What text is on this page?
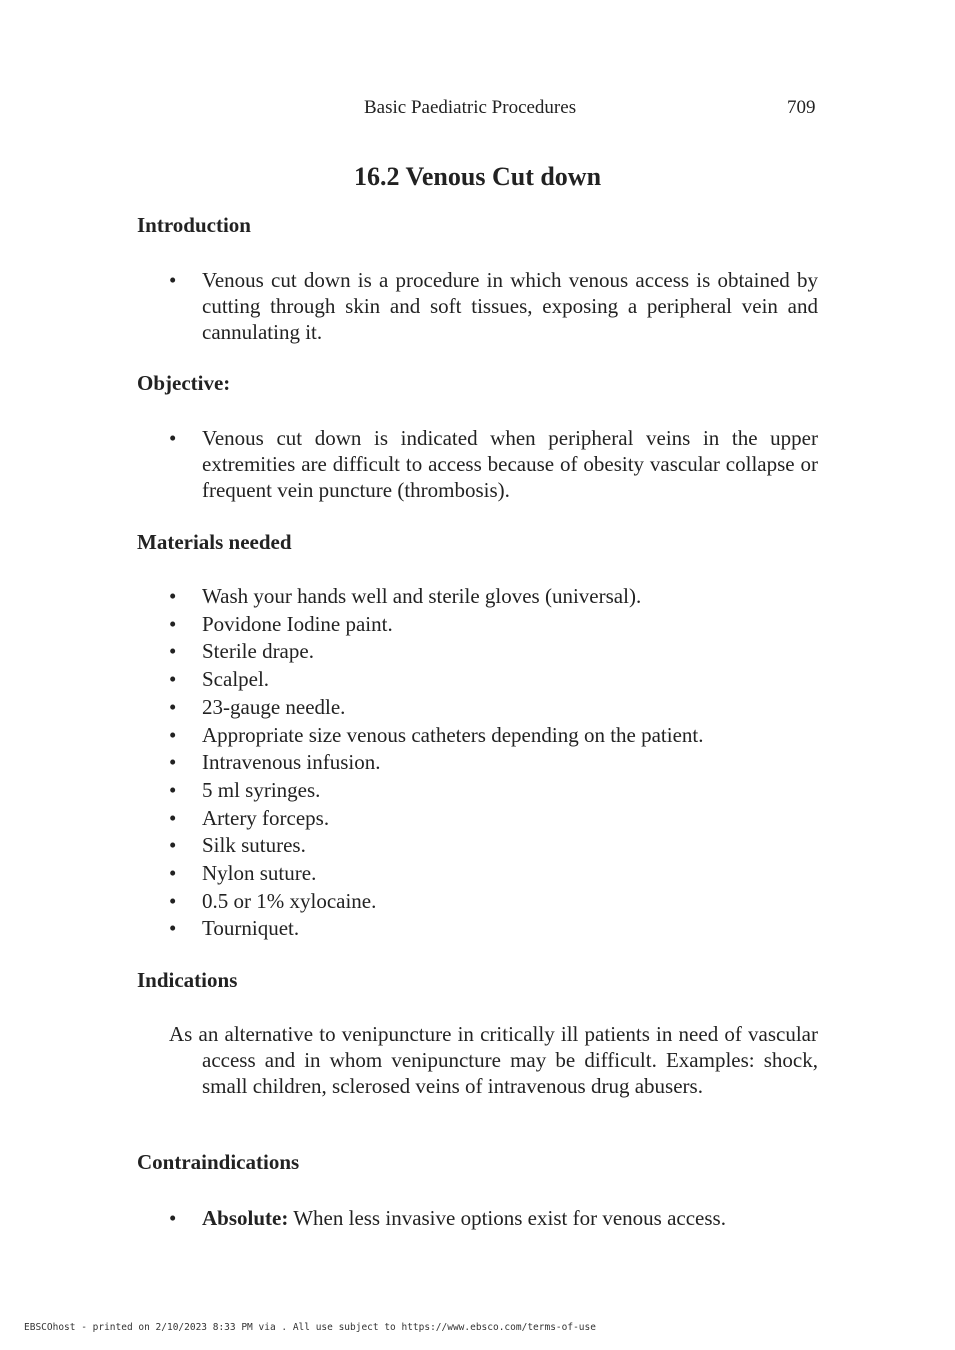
Basic Paediatric Procedures	709
16.2 Venous Cut down
Introduction
• Venous cut down is a procedure in which venous access is obtained by cutting through skin and soft tissues, exposing a peripheral vein and cannulating it.
Objective:
• Venous cut down is indicated when peripheral veins in the upper extremities are difficult to access because of obesity vascular collapse or frequent vein puncture (thrombosis).
Materials needed
• Wash your hands well and sterile gloves (universal).
• Povidone Iodine paint.
• Sterile drape.
• Scalpel.
• 23-gauge needle.
• Appropriate size venous catheters depending on the patient.
• Intravenous infusion.
• 5 ml syringes.
• Artery forceps.
• Silk sutures.
• Nylon suture.
• 0.5 or 1% xylocaine.
• Tourniquet.
Indications

As an alternative to venipuncture in critically ill patients in need of vascular access and in whom venipuncture may be difficult. Examples: shock, small children, sclerosed veins of intravenous drug abusers.

Contraindications
• Absolute: When less invasive options exist for venous access.
EBSCOhost - printed on 2/10/2023 8:33 PM via . All use subject to https://www.ebsco.com/terms-of-use
